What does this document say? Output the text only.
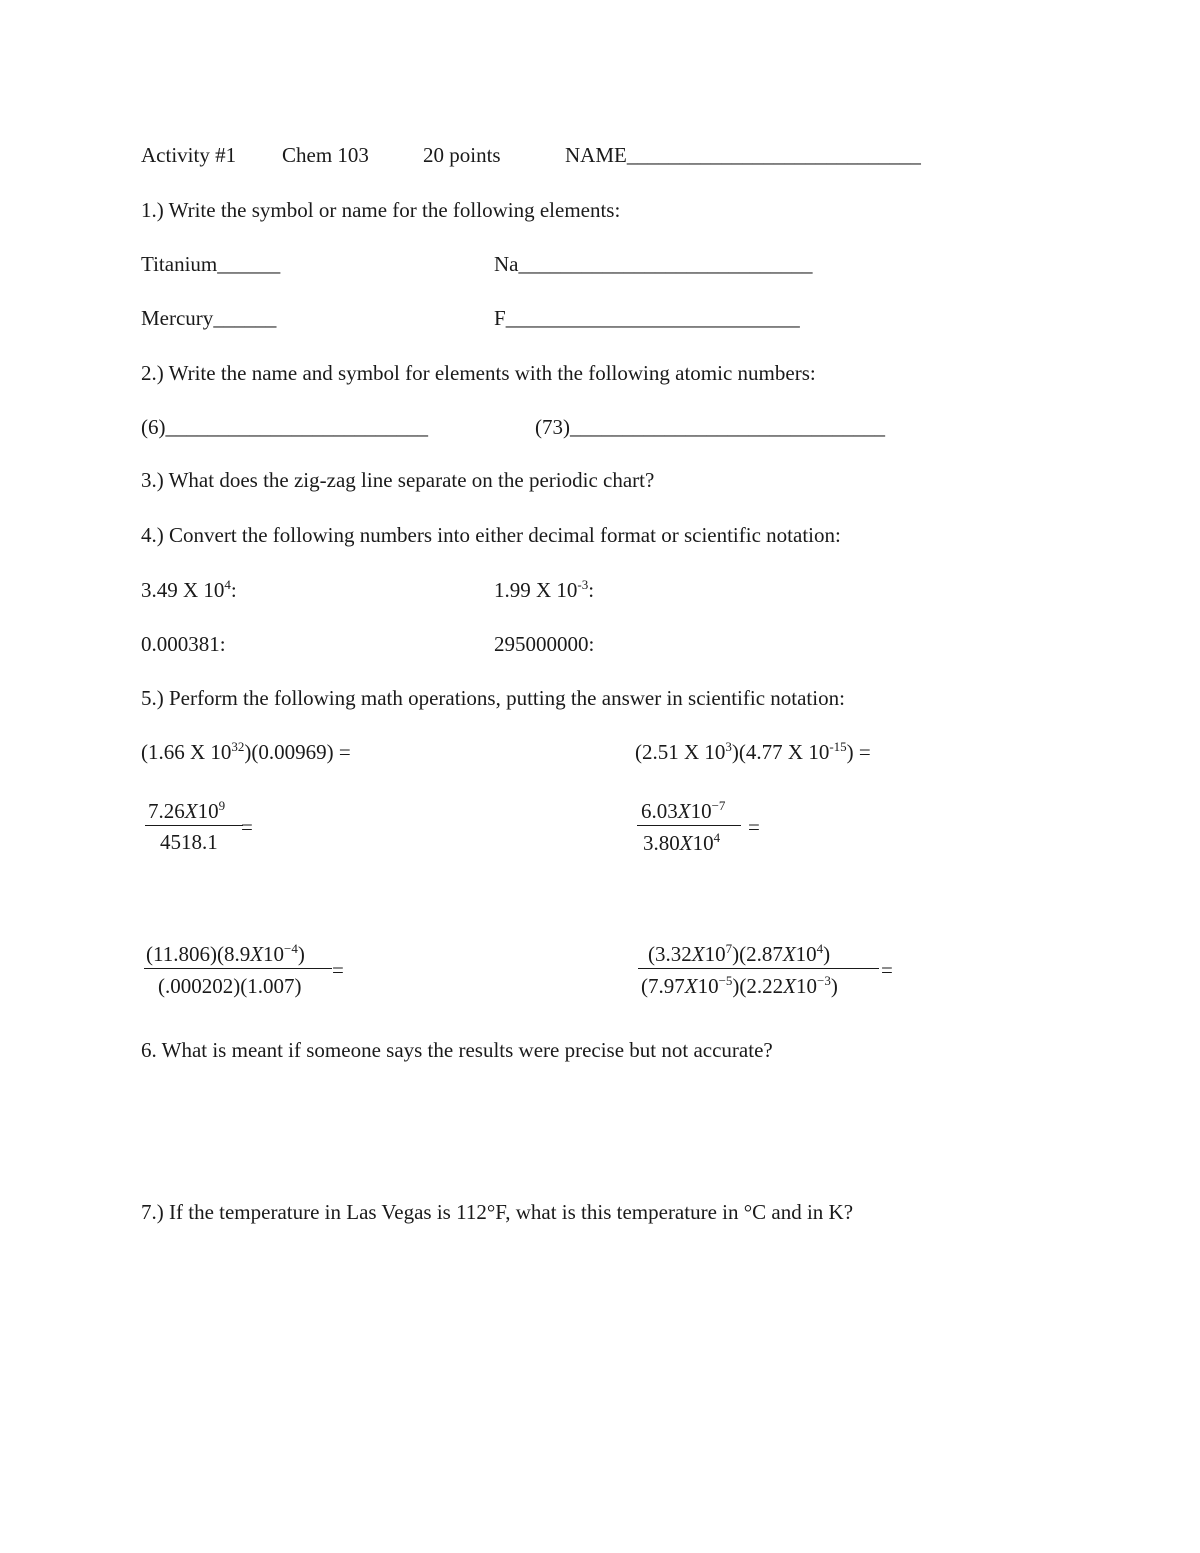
Activity #1 Chem 103	20 points	NAME____________________________
1.) Write the symbol or name for the following elements:
Titanium______	Na____________________________
Mercury______	F____________________________
2.) Write the name and symbol for elements with the following atomic numbers:
(6)_________________________	(73)______________________________
3.) What does the zig-zag line separate on the periodic chart?
4.) Convert the following numbers into either decimal format or scientific notation:
3.49 X $10^4$:	1.99 X $10^{-3}$:
0.000381:	295000000:
5.) Perform the following math operations, putting the answer in scientific notation:
(1.66 X $10^{32})(0.00969)$ =	(2.51 X $10^3)(4.77$ X $10^{-15}$) =
$7.26X10^9$
4518.1
=
$6.03X10^{-7}$
$3.80X10^4$ =
$(11.806)(8.9X10^{-4})$
(.000202)(1.007)
=
$(3.32X10^7)(2.87X10^4)$
$(7.97X10^{-5})(2.22X10^{-3})$
=
6. What is meant if someone says the results were precise but not accurate?
7.) If the temperature in Las Vegas is 112°F, what is this temperature in °C and in K?
